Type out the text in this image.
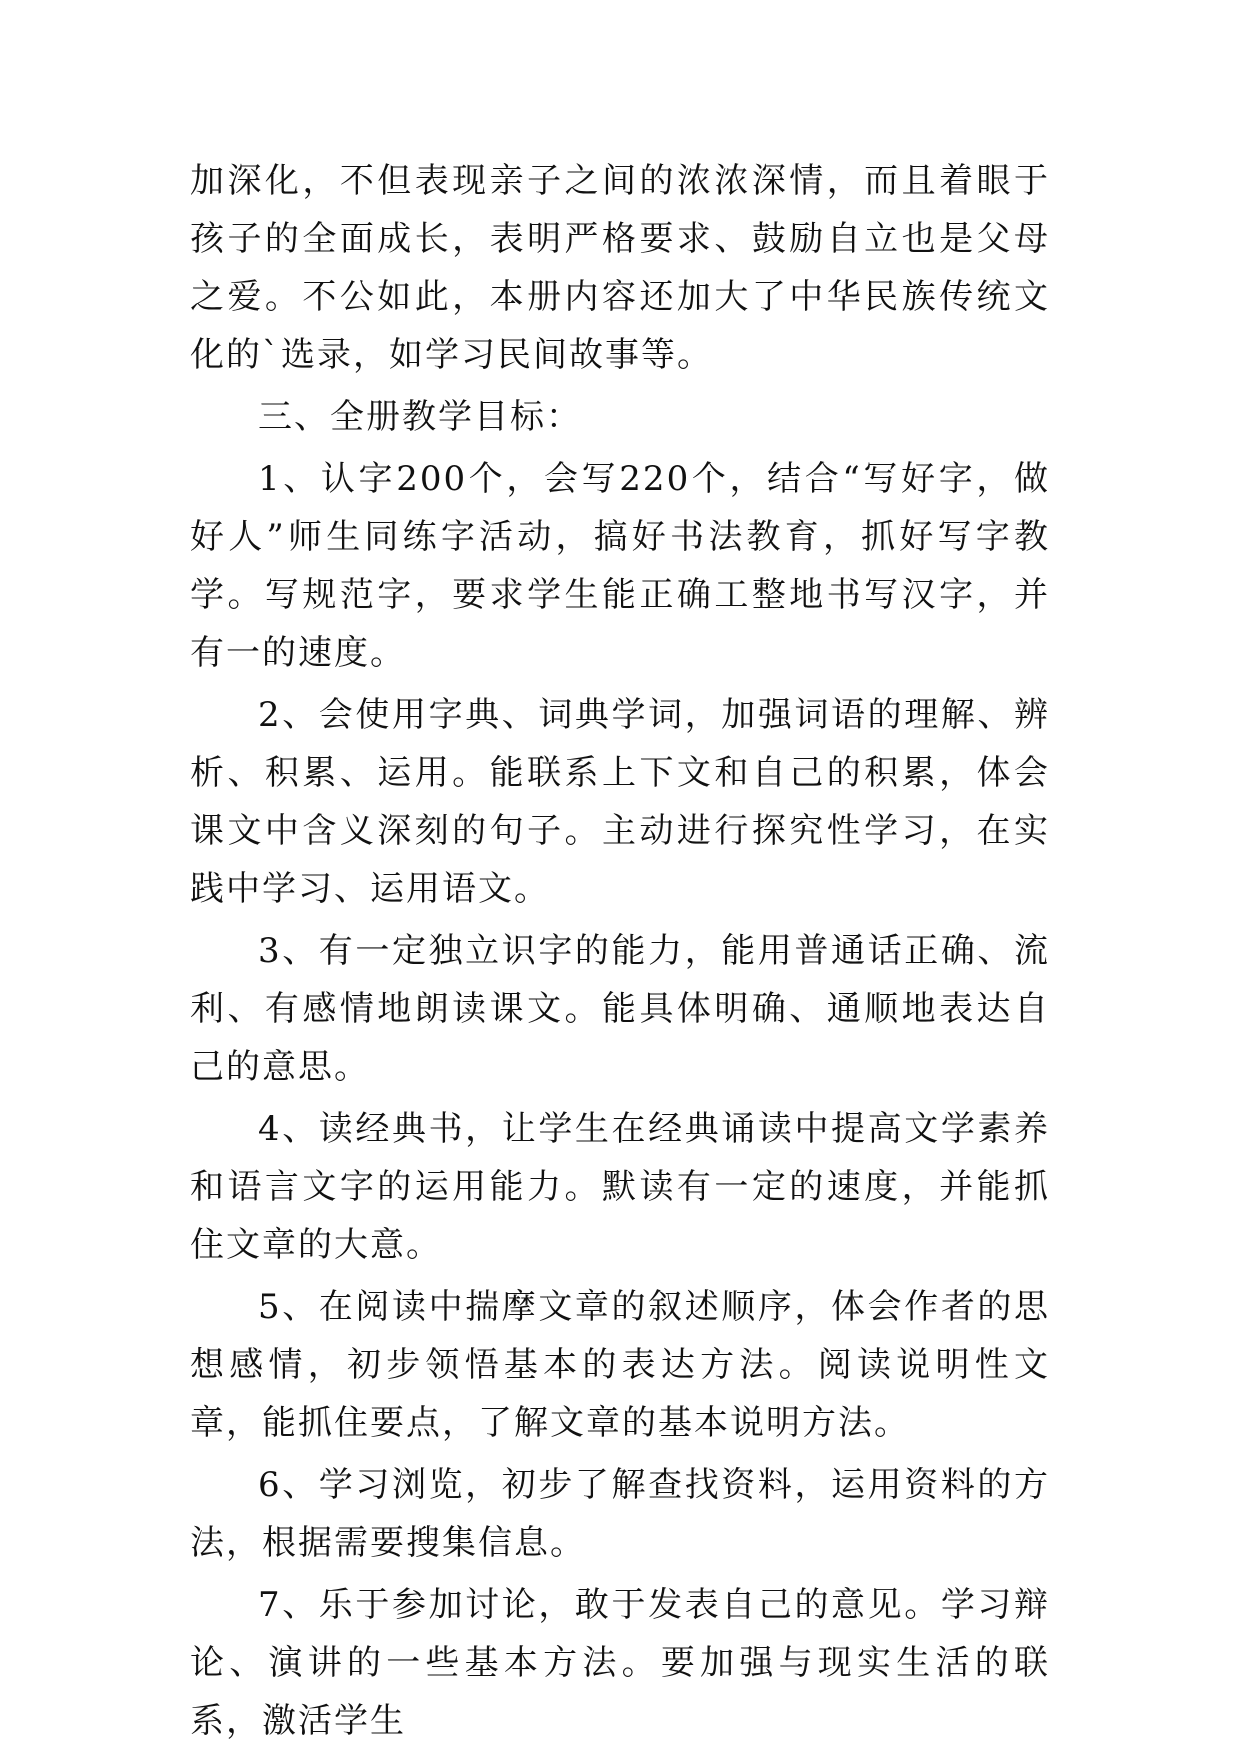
加深化，不但表现亲子之间的浓浓深情，而且着眼于孩子的全面成长，表明严格要求、鼓励自立也是父母之爱。不公如此，本册内容还加大了中华民族传统文化的`选录，如学习民间故事等。

三、全册教学目标：

1、认字200个，会写220个，结合“写好字，做好人”师生同练字活动，搞好书法教育，抓好写字教学。写规范字，要求学生能正确工整地书写汉字，并有一的速度。

2、会使用字典、词典学词，加强词语的理解、辨析、积累、运用。能联系上下文和自己的积累，体会课文中含义深刻的句子。主动进行探究性学习，在实践中学习、运用语文。

3、有一定独立识字的能力，能用普通话正确、流利、有感情地朗读课文。能具体明确、通顺地表达自己的意思。

4、读经典书，让学生在经典诵读中提高文学素养和语言文字的运用能力。默读有一定的速度，并能抓住文章的大意。

5、在阅读中揣摩文章的叙述顺序，体会作者的思想感情，初步领悟基本的表达方法。阅读说明性文章，能抓住要点，了解文章的基本说明方法。

6、学习浏览，初步了解查找资料，运用资料的方法，根据需要搜集信息。

7、乐于参加讨论，敢于发表自己的意见。学习辩论、演讲的一些基本方法。要加强与现实生活的联系，激活学生
